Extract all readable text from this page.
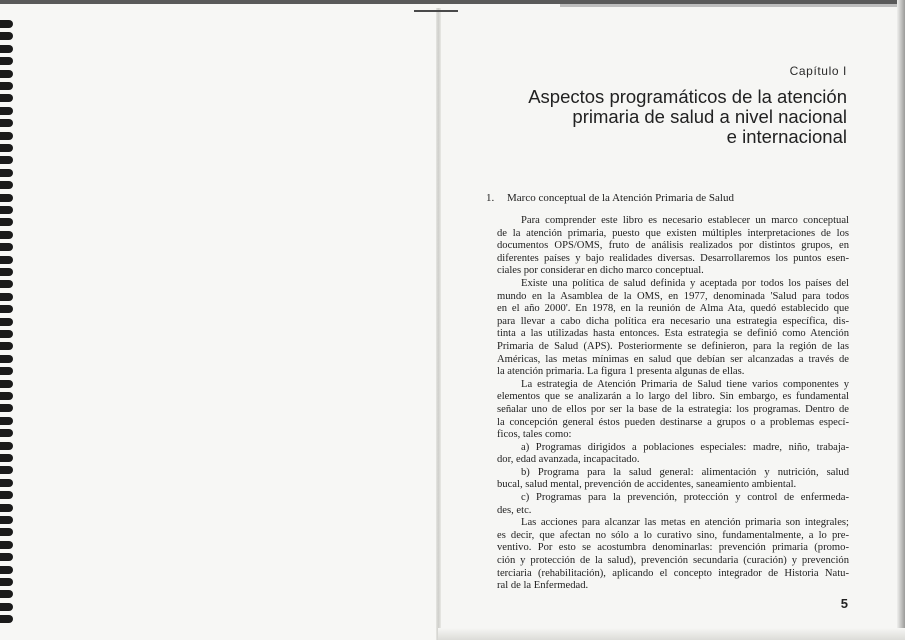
Capítulo I
Aspectos programáticos de la atención
primaria de salud a nivel nacional
e internacional
1. Marco conceptual de la Atención Primaria de Salud
Para comprender este libro es necesario establecer un marco conceptual
de la atención primaria, puesto que existen múltiples interpretaciones de los
documentos OPS/OMS, fruto de análisis realizados por distintos grupos, en
diferentes países y bajo realidades diversas. Desarrollaremos los puntos esen-
ciales por considerar en dicho marco conceptual.
Existe una política de salud definida y aceptada por todos los países del
mundo en la Asamblea de la OMS, en 1977, denominada 'Salud para todos
en el año 2000'. En 1978, en la reunión de Alma Ata, quedó establecido que
para llevar a cabo dicha política era necesario una estrategia específica, dis-
tinta a las utilizadas hasta entonces. Esta estrategia se definió como Atención
Primaria de Salud (APS). Posteriormente se definieron, para la región de las
Américas, las metas mínimas en salud que debían ser alcanzadas a través de
la atención primaria. La figura 1 presenta algunas de ellas.
La estrategia de Atención Primaria de Salud tiene varios componentes y
elementos que se analizarán a lo largo del libro. Sin embargo, es fundamental
señalar uno de ellos por ser la base de la estrategia: los programas. Dentro de
la concepción general éstos pueden destinarse a grupos o a problemas especí-
ficos, tales como:
a) Programas dirigidos a poblaciones especiales: madre, niño, trabaja-
dor, edad avanzada, incapacitado.
b) Programa para la salud general: alimentación y nutrición, salud
bucal, salud mental, prevención de accidentes, saneamiento ambiental.
c) Programas para la prevención, protección y control de enfermeda-
des, etc.
Las acciones para alcanzar las metas en atención primaria son integrales;
es decir, que afectan no sólo a lo curativo sino, fundamentalmente, a lo pre-
ventivo. Por esto se acostumbra denominarlas: prevención primaria (promo-
ción y protección de la salud), prevención secundaria (curación) y prevención
terciaria (rehabilitación), aplicando el concepto integrador de Historia Natu-
ral de la Enfermedad.
5
